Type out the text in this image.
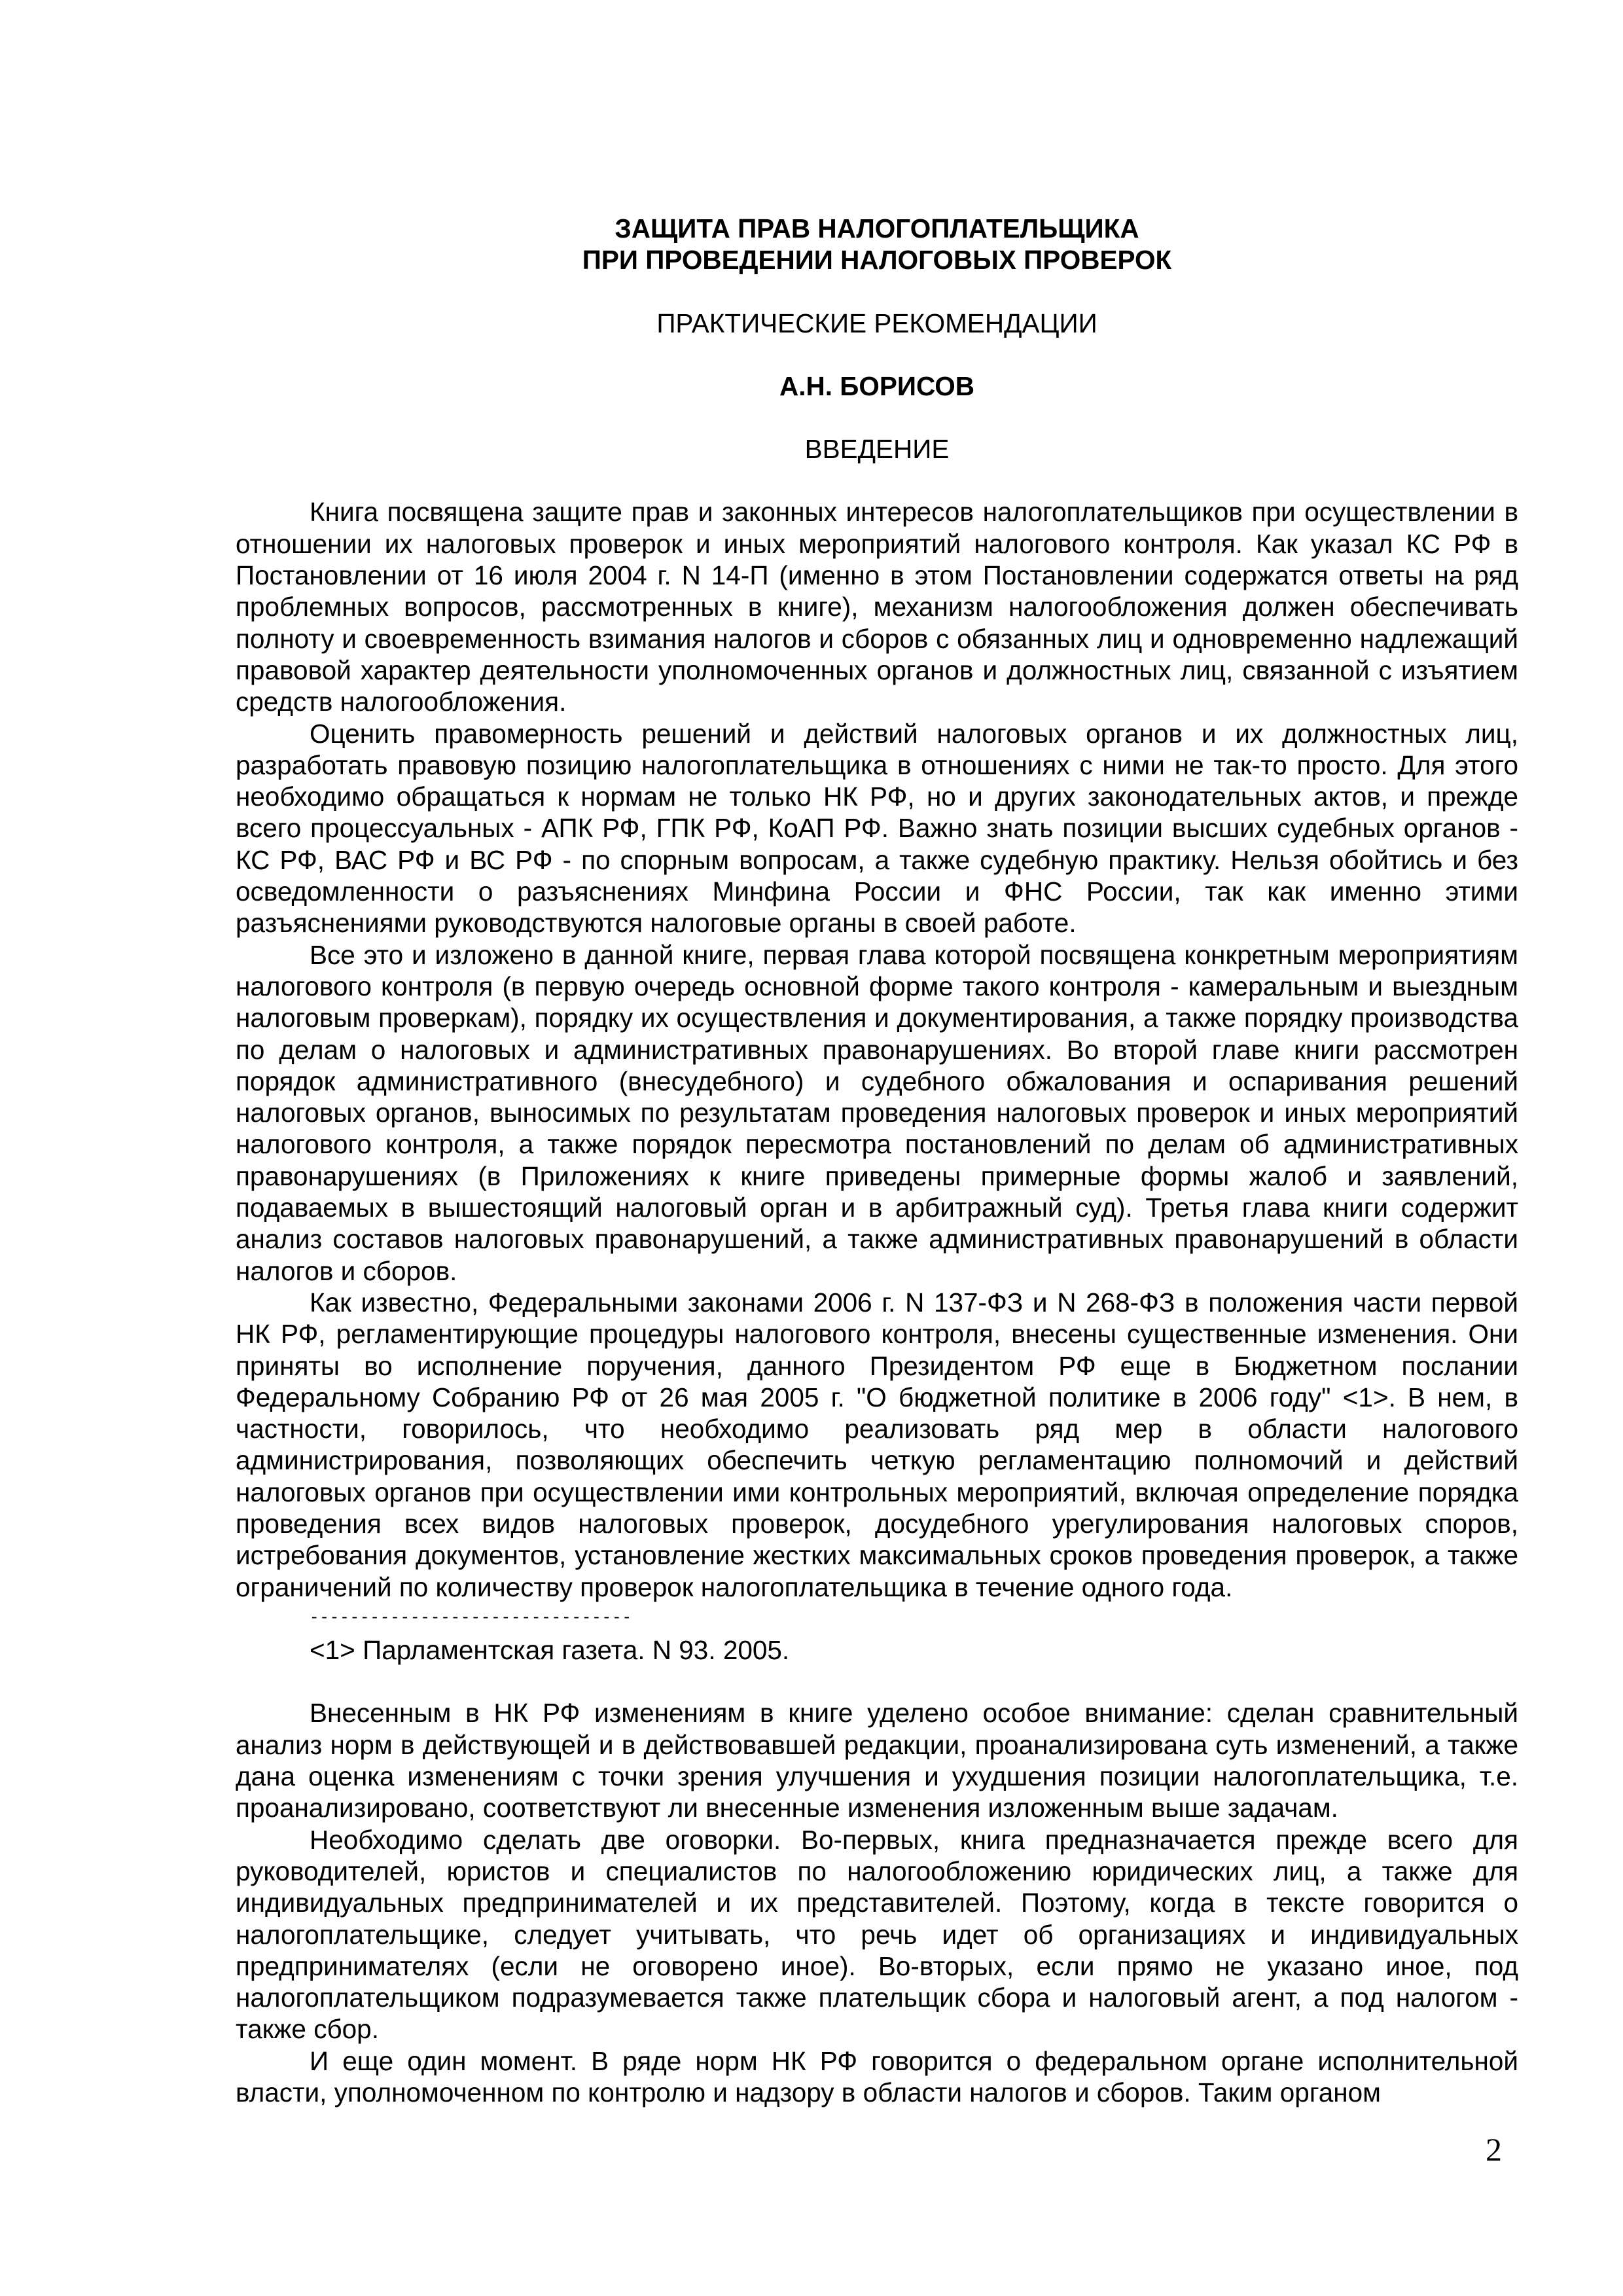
ЗАЩИТА ПРАВ НАЛОГОПЛАТЕЛЬЩИКА

ПРИ ПРОВЕДЕНИИ НАЛОГОВЫХ ПРОВЕРОК

ПРАКТИЧЕСКИЕ РЕКОМЕНДАЦИИ

А.Н. БОРИСОВ

ВВЕДЕНИЕ

Книга посвящена защите прав и законных интересов налогоплательщиков при осуществлении в отношении их налоговых проверок и иных мероприятий налогового контроля. Как указал КС РФ в Постановлении от 16 июля 2004 г. N 14-П (именно в этом Постановлении содержатся ответы на ряд проблемных вопросов, рассмотренных в книге), механизм налогообложения должен обеспечивать полноту и своевременность взимания налогов и сборов с обязанных лиц и одновременно надлежащий правовой характер деятельности уполномоченных органов и должностных лиц, связанной с изъятием средств налогообложения.

Оценить правомерность решений и действий налоговых органов и их должностных лиц, разработать правовую позицию налогоплательщика в отношениях с ними не так-то просто. Для этого необходимо обращаться к нормам не только НК РФ, но и других законодательных актов, и прежде всего процессуальных - АПК РФ, ГПК РФ, КоАП РФ. Важно знать позиции высших судебных органов - КС РФ, ВАС РФ и ВС РФ - по спорным вопросам, а также судебную практику. Нельзя обойтись и без осведомленности о разъяснениях Минфина России и ФНС России, так как именно этими разъяснениями руководствуются налоговые органы в своей работе.

Все это и изложено в данной книге, первая глава которой посвящена конкретным мероприятиям налогового контроля (в первую очередь основной форме такого контроля - камеральным и выездным налоговым проверкам), порядку их осуществления и документирования, а также порядку производства по делам о налоговых и административных правонарушениях. Во второй главе книги рассмотрен порядок административного (внесудебного) и судебного обжалования и оспаривания решений налоговых органов, выносимых по результатам проведения налоговых проверок и иных мероприятий налогового контроля, а также порядок пересмотра постановлений по делам об административных правонарушениях (в Приложениях к книге приведены примерные формы жалоб и заявлений, подаваемых в вышестоящий налоговый орган и в арбитражный суд). Третья глава книги содержит анализ составов налоговых правонарушений, а также административных правонарушений в области налогов и сборов.

Как известно, Федеральными законами 2006 г. N 137-ФЗ и N 268-ФЗ в положения части первой НК РФ, регламентирующие процедуры налогового контроля, внесены существенные изменения. Они приняты во исполнение поручения, данного Президентом РФ еще в Бюджетном послании Федеральному Собранию РФ от 26 мая 2005 г. "О бюджетной политике в 2006 году" <1>. В нем, в частности, говорилось, что необходимо реализовать ряд мер в области налогового администрирования, позволяющих обеспечить четкую регламентацию полномочий и действий налоговых органов при осуществлении ими контрольных мероприятий, включая определение порядка проведения всех видов налоговых проверок, досудебного урегулирования налоговых споров, истребования документов, установление жестких максимальных сроков проведения проверок, а также ограничений по количеству проверок налогоплательщика в течение одного года.

--------------------------------

<1> Парламентская газета. N 93. 2005.

Внесенным в НК РФ изменениям в книге уделено особое внимание: сделан сравнительный анализ норм в действующей и в действовавшей редакции, проанализирована суть изменений, а также дана оценка изменениям с точки зрения улучшения и ухудшения позиции налогоплательщика, т.е. проанализировано, соответствуют ли внесенные изменения изложенным выше задачам.

Необходимо сделать две оговорки. Во-первых, книга предназначается прежде всего для руководителей, юристов и специалистов по налогообложению юридических лиц, а также для индивидуальных предпринимателей и их представителей. Поэтому, когда в тексте говорится о налогоплательщике, следует учитывать, что речь идет об организациях и индивидуальных предпринимателях (если не оговорено иное). Во-вторых, если прямо не указано иное, под налогоплательщиком подразумевается также плательщик сбора и налоговый агент, а под налогом - также сбор.

И еще один момент. В ряде норм НК РФ говорится о федеральном органе исполнительной власти, уполномоченном по контролю и надзору в области налогов и сборов. Таким органом

2
